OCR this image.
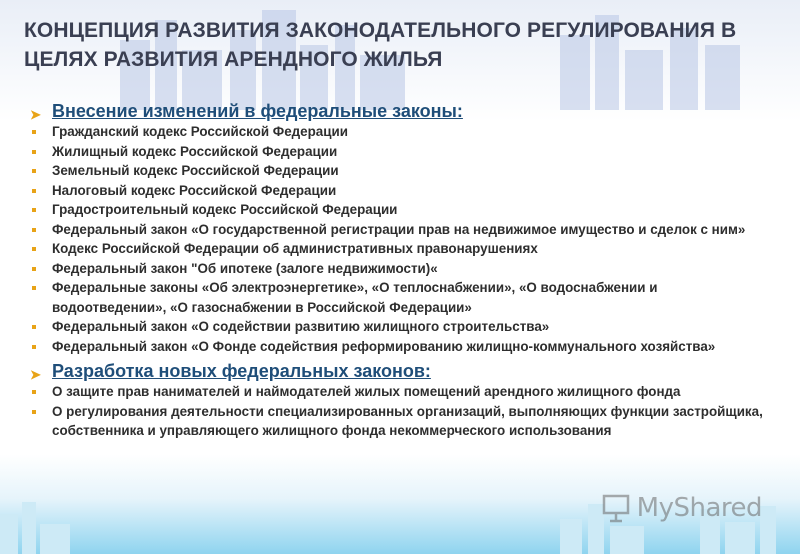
КОНЦЕПЦИЯ РАЗВИТИЯ ЗАКОНОДАТЕЛЬНОГО РЕГУЛИРОВАНИЯ В ЦЕЛЯХ РАЗВИТИЯ АРЕНДНОГО ЖИЛЬЯ
➤ Внесение изменений в федеральные законы:
Гражданский кодекс Российской Федерации
Жилищный кодекс Российской Федерации
Земельный кодекс Российской Федерации
Налоговый кодекс Российской Федерации
Градостроительный кодекс Российской Федерации
Федеральный закон «О государственной регистрации прав на недвижимое имущество и сделок с ним»
Кодекс Российской Федерации об административных правонарушениях
Федеральный закон "Об ипотеке (залоге недвижимости)«
Федеральные законы «Об электроэнергетике», «О теплоснабжении», «О водоснабжении и водоотведении», «О газоснабжении в Российской Федерации»
Федеральный закон «О содействии развитию жилищного строительства»
Федеральный закон «О Фонде содействия реформированию жилищно-коммунального хозяйства»
➤ Разработка новых федеральных законов:
О защите прав нанимателей и наймодателей жилых помещений арендного жилищного фонда
О регулирования деятельности специализированных организаций, выполняющих функции застройщика, собственника и управляющего жилищного фонда некоммерческого использования
MyShared
